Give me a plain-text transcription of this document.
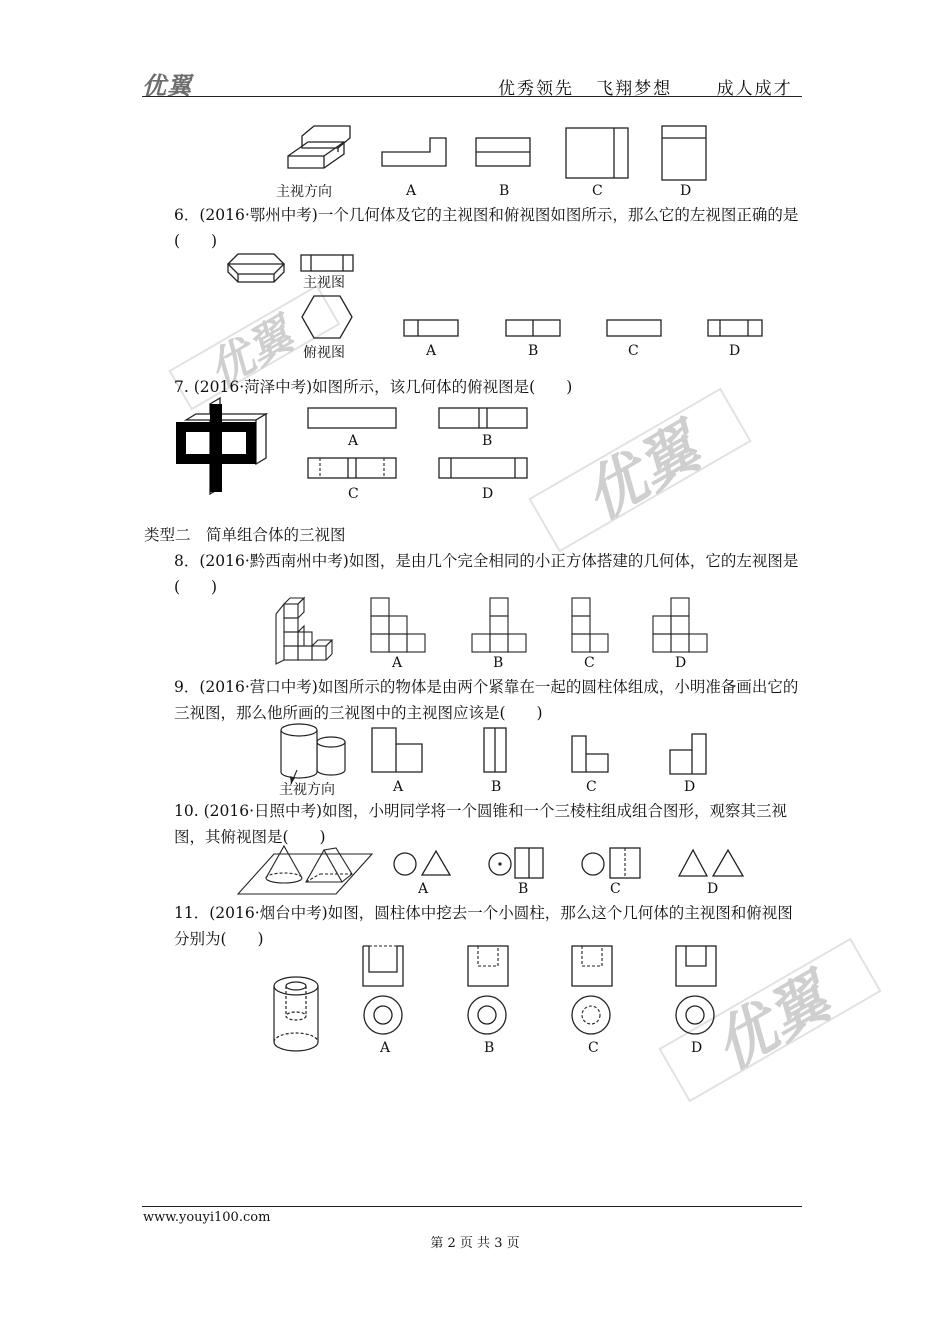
优翼	优秀领先   飞翔梦想      成人成才
优翼
优翼
优翼
主视方向	A	B	C	D
6．(2016·鄂州中考)一个几何体及它的主视图和俯视图如图所示，那么它的左视图正确的是(　　)
主视图
俯视图	A	B	C	D
7. (2016·菏泽中考)如图所示，该几何体的俯视图是(　　)
A	B
C	D
类型二　简单组合体的三视图
8．(2016·黔西南州中考)如图，是由几个完全相同的小正方体搭建的几何体，它的左视图是(　　)
A	B	C	D
9．(2016·营口中考)如图所示的物体是由两个紧靠在一起的圆柱体组成，小明准备画出它的三视图，那么他所画的三视图中的主视图应该是(　　)
主视方向	A	B	C	D
10. (2016·日照中考)如图，小明同学将一个圆锥和一个三棱柱组成组合图形，观察其三视图，其俯视图是(　　)
A	B	C	D
11．(2016·烟台中考)如图，圆柱体中挖去一个小圆柱，那么这个几何体的主视图和俯视图分别为(　　)
A	B	C	D
www.youyi100.com
第 2 页 共 3 页
